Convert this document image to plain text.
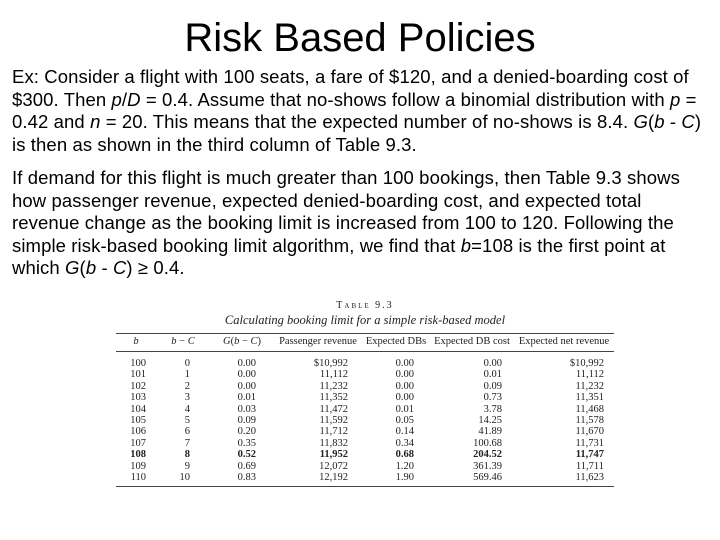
Risk Based Policies
Ex: Consider a flight with 100 seats, a fare of $120, and a denied-boarding cost of $300. Then p/D = 0.4. Assume that no-shows follow a binomial distribution with p = 0.42 and n = 20. This means that the expected number of no-shows is 8.4. G(b - C) is then as shown in the third column of Table 9.3.
If demand for this flight is much greater than 100 bookings, then Table 9.3 shows how passenger revenue, expected denied-boarding cost, and expected total revenue change as the booking limit is increased from 100 to 120. Following the simple risk-based booking limit algorithm, we find that b=108 is the first point at which G(b - C) ≥ 0.4.
Table 9.3
Calculating booking limit for a simple risk-based model
b	b − C	G(b − C)	Passenger revenue	Expected DBs	Expected DB cost	Expected net revenue
100	0	0.00	$10,992	0.00	0.00	$10,992
101	1	0.00	11,112	0.00	0.01	11,112
102	2	0.00	11,232	0.00	0.09	11,232
103	3	0.01	11,352	0.00	0.73	11,351
104	4	0.03	11,472	0.01	3.78	11,468
105	5	0.09	11,592	0.05	14.25	11,578
106	6	0.20	11,712	0.14	41.89	11,670
107	7	0.35	11,832	0.34	100.68	11,731
108	8	0.52	11,952	0.68	204.52	11,747
109	9	0.69	12,072	1.20	361.39	11,711
110	10	0.83	12,192	1.90	569.46	11,623
